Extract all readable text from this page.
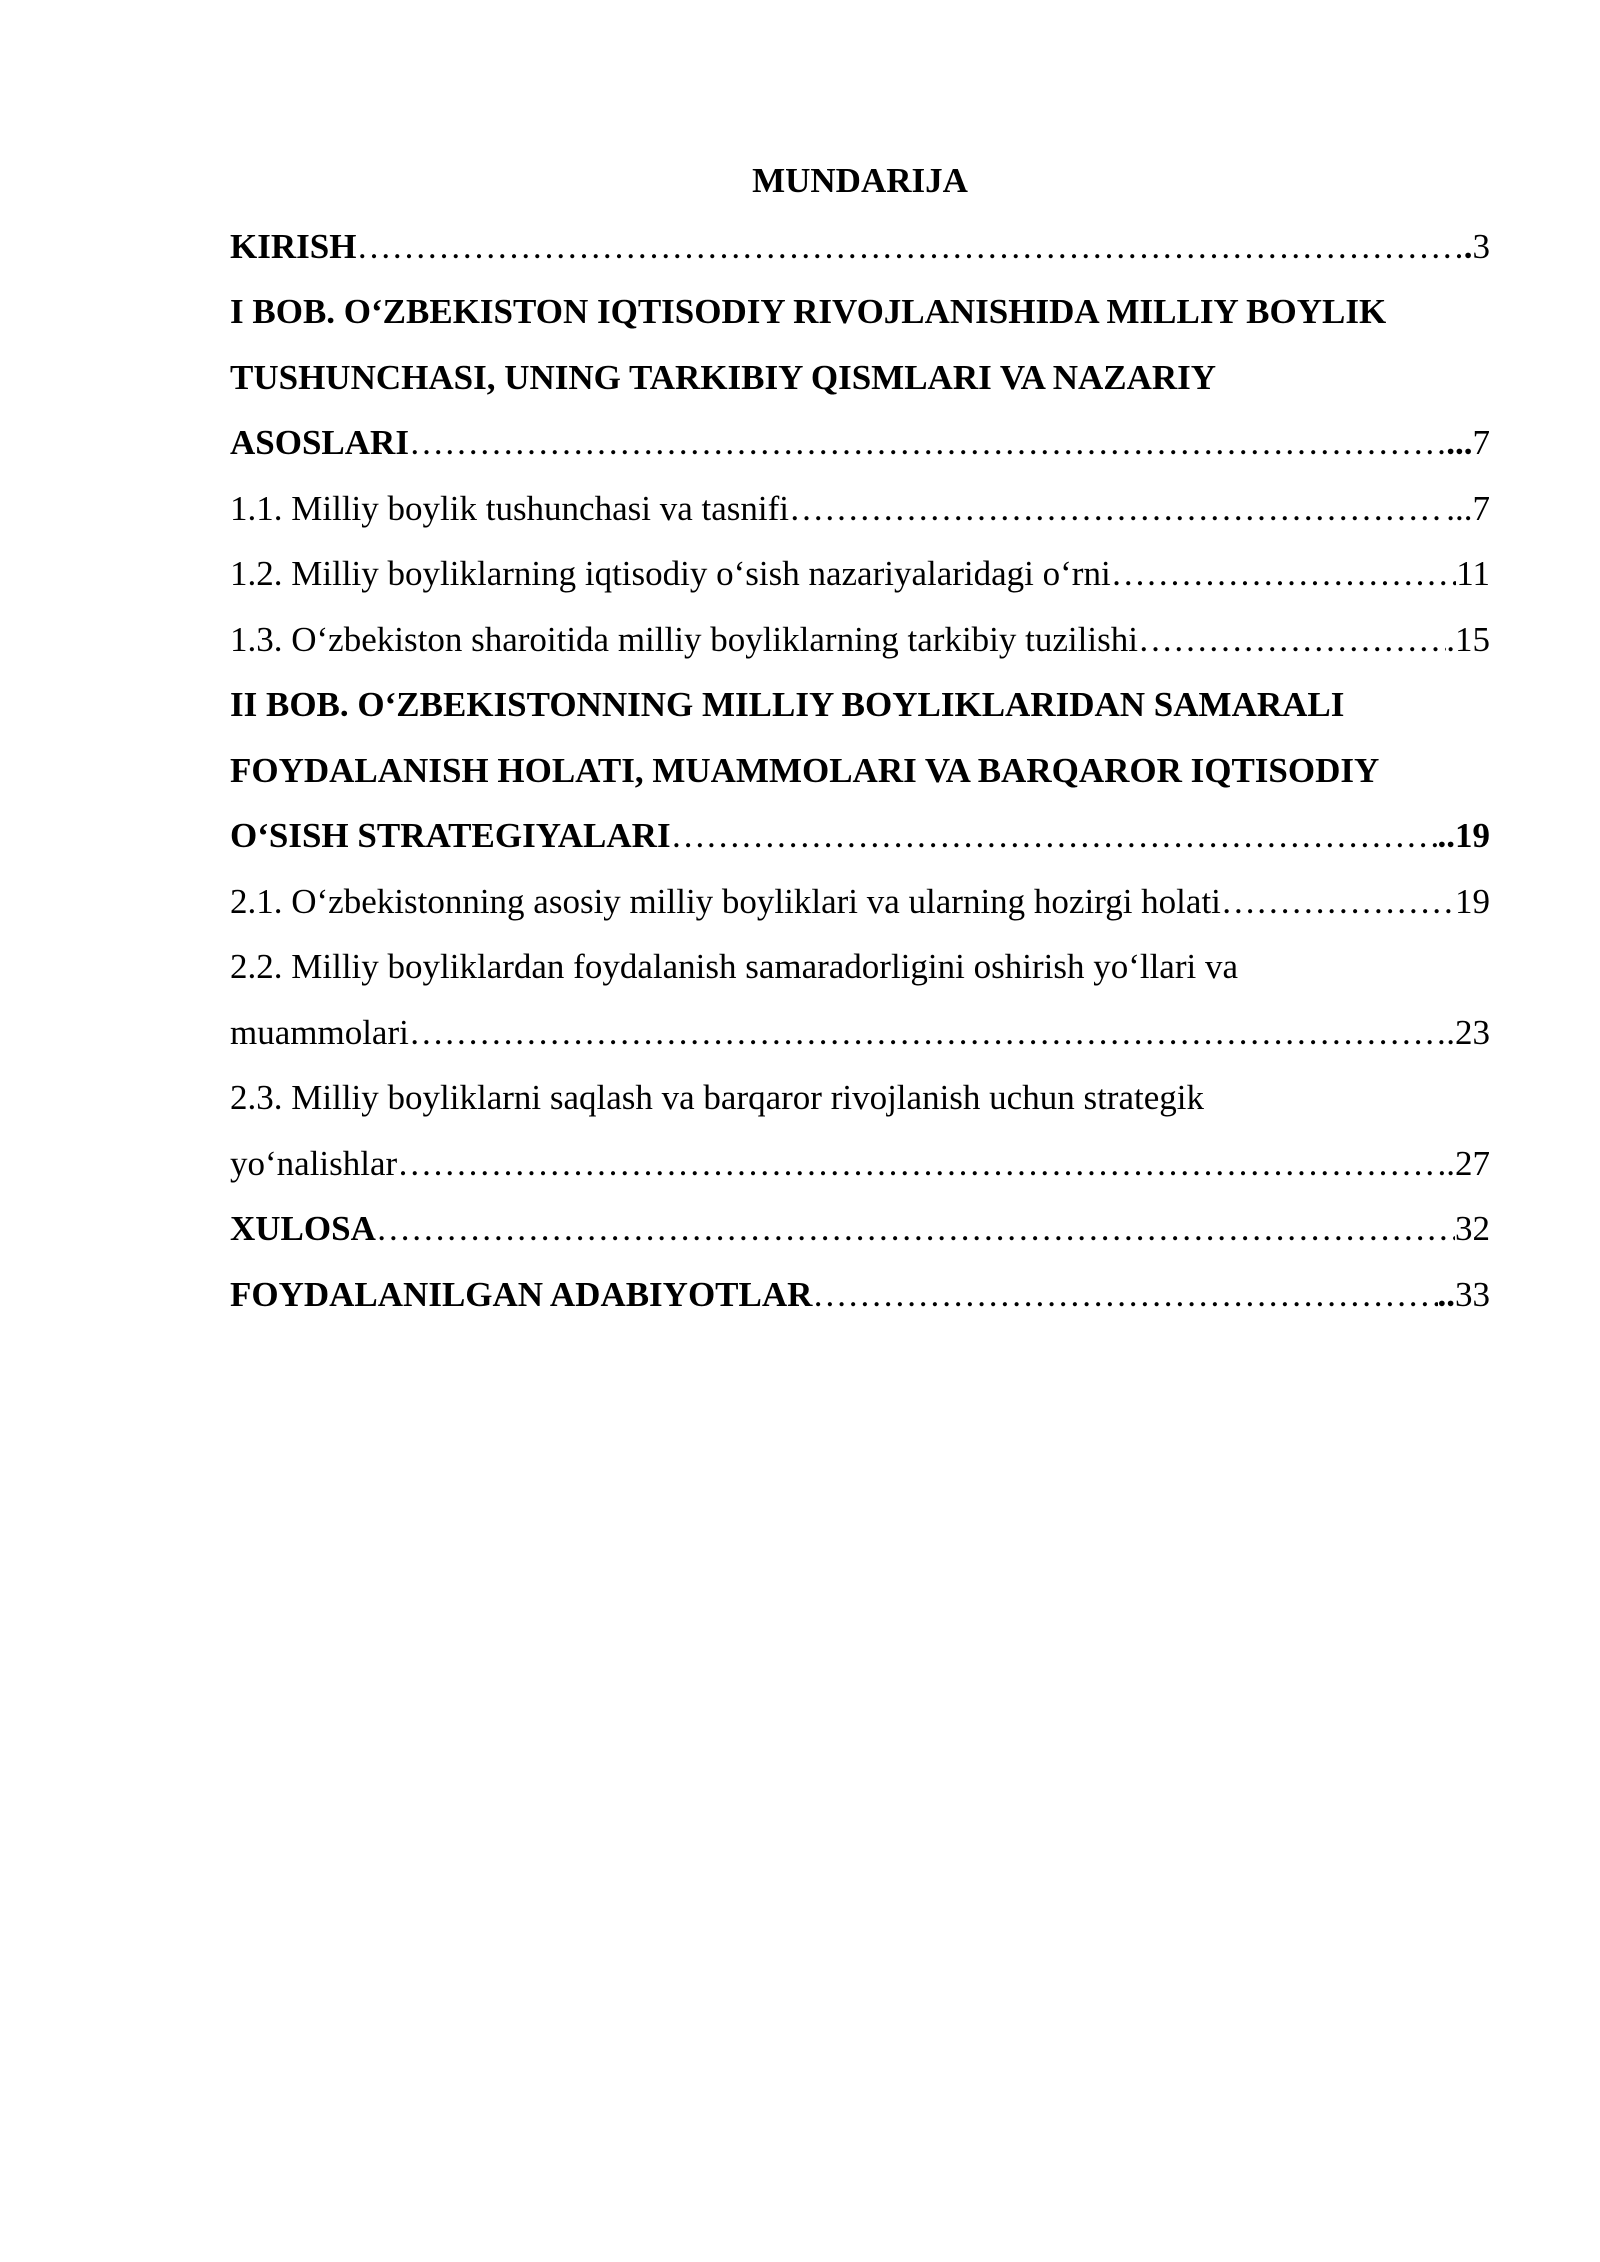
MUNDARIJA

KIRISH ………………………………………………………………………………………………………………………………………………………………………………………………………………………………	. 3
I BOB. O‘ZBEKISTON IQTISODIY RIVOJLANISHIDA MILLIY BOYLIK
TUSHUNCHASI, UNING TARKIBIY QISMLARI VA NAZARIY
ASOSLARI ………………………………………………………………………………………………………………………………………………………………………………………………………………………………	... 7
1.1. Milliy boylik tushunchasi va tasnifi ………………………………………………………………………………………………………………………………………………………………………………………………………………………………	... 7
1.2. Milliy boyliklarning iqtisodiy o‘sish nazariyalaridagi o‘rni ………………………………………………………………………………………………………………………………………………………………………………………………………………………………	11
1.3. O‘zbekiston sharoitida milliy boyliklarning tarkibiy tuzilishi ………………………………………………………………………………………………………………………………………………………………………………………………………………………………	. 15
II BOB. O‘ZBEKISTONNING MILLIY BOYLIKLARIDAN SAMARALI
FOYDALANISH HOLATI, MUAMMOLARI VA BARQAROR IQTISODIY
O‘SISH STRATEGIYALARI ………………………………………………………………………………………………………………………………………………………………………………………………………………………………	.. 19
2.1. O‘zbekistonning asosiy milliy boyliklari va ularning hozirgi holati ………………………………………………………………………………………………………………………………………………………………………………………………………………………………	19
2.2. Milliy boyliklardan foydalanish samaradorligini oshirish yo‘llari va
muammolari ………………………………………………………………………………………………………………………………………………………………………………………………………………………………	. 23
2.3. Milliy boyliklarni saqlash va barqaror rivojlanish uchun strategik
yo‘nalishlar ………………………………………………………………………………………………………………………………………………………………………………………………………………………………	.. 27
XULOSA ………………………………………………………………………………………………………………………………………………………………………………………………………………………………	32
FOYDALANILGAN ADABIYOTLAR ………………………………………………………………………………………………………………………………………………………………………………………………………………………………	.. 33
